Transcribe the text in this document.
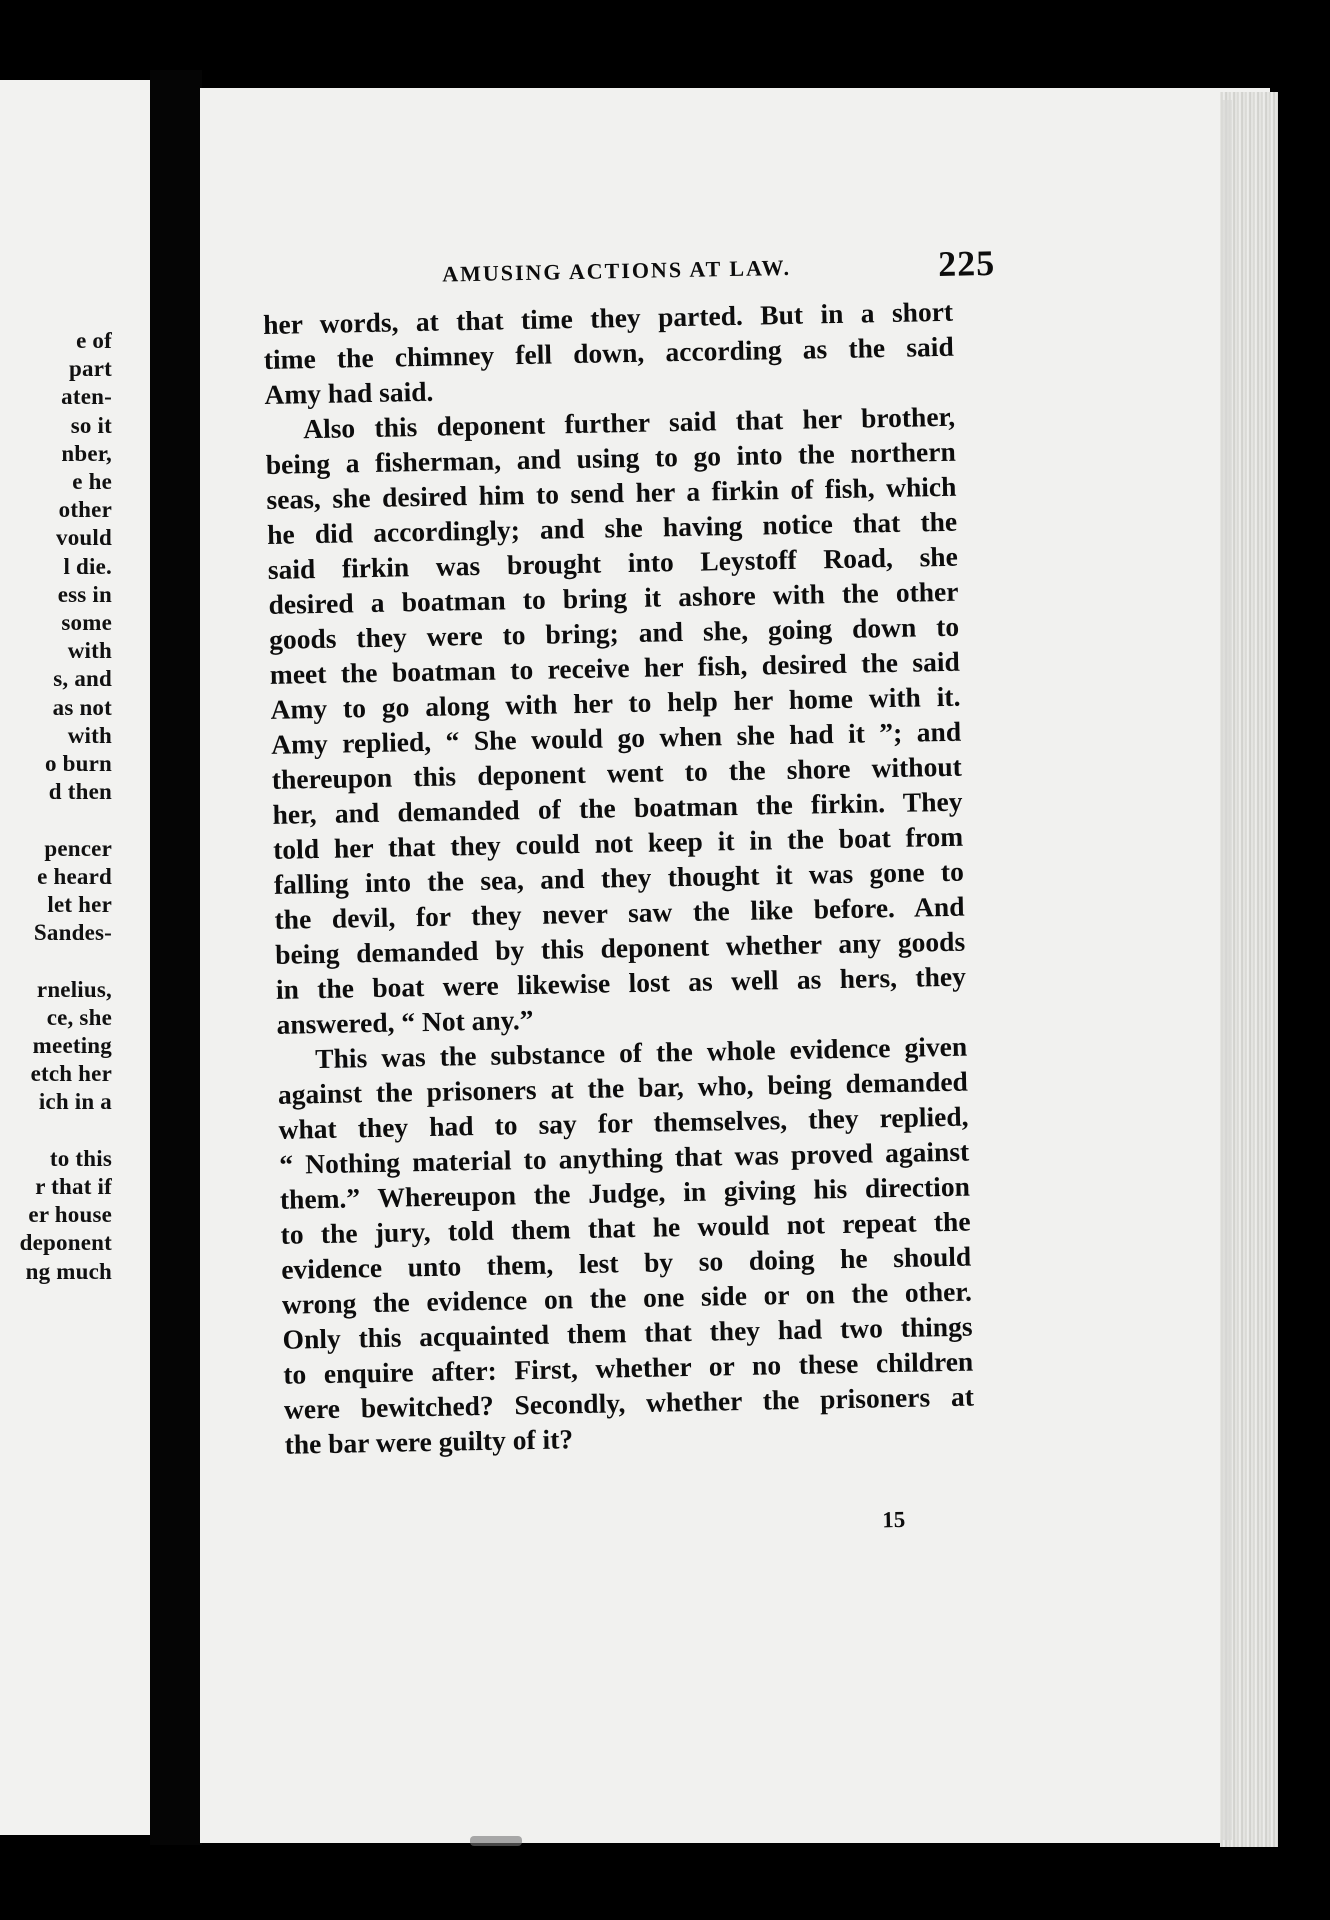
e of
part
aten-
so it
nber,
e he
other
vould
l die.
ess in
some
with
s, and
as not
with
o burn
d then
pencer
e heard
let her
Sandes-
rnelius,
ce, she
meeting
etch her
ich in a
to this
r that if
er house
deponent
ng much
AMUSING ACTIONS AT LAW.	225
her words, at that time they parted. But in a short
time the chimney fell down, according as the said
Amy had said.
Also this deponent further said that her brother,
being a fisherman, and using to go into the northern
seas, she desired him to send her a firkin of fish, which
he did accordingly; and she having notice that the
said firkin was brought into Leystoff Road, she
desired a boatman to bring it ashore with the other
goods they were to bring; and she, going down to
meet the boatman to receive her fish, desired the said
Amy to go along with her to help her home with it.
Amy replied, “ She would go when she had it ”; and
thereupon this deponent went to the shore without
her, and demanded of the boatman the firkin. They
told her that they could not keep it in the boat from
falling into the sea, and they thought it was gone to
the devil, for they never saw the like before. And
being demanded by this deponent whether any goods
in the boat were likewise lost as well as hers, they
answered, “ Not any.”
This was the substance of the whole evidence given
against the prisoners at the bar, who, being demanded
what they had to say for themselves, they replied,
“ Nothing material to anything that was proved against
them.” Whereupon the Judge, in giving his direction
to the jury, told them that he would not repeat the
evidence unto them, lest by so doing he should
wrong the evidence on the one side or on the other.
Only this acquainted them that they had two things
to enquire after: First, whether or no these children
were bewitched? Secondly, whether the prisoners at
the bar were guilty of it?
15
